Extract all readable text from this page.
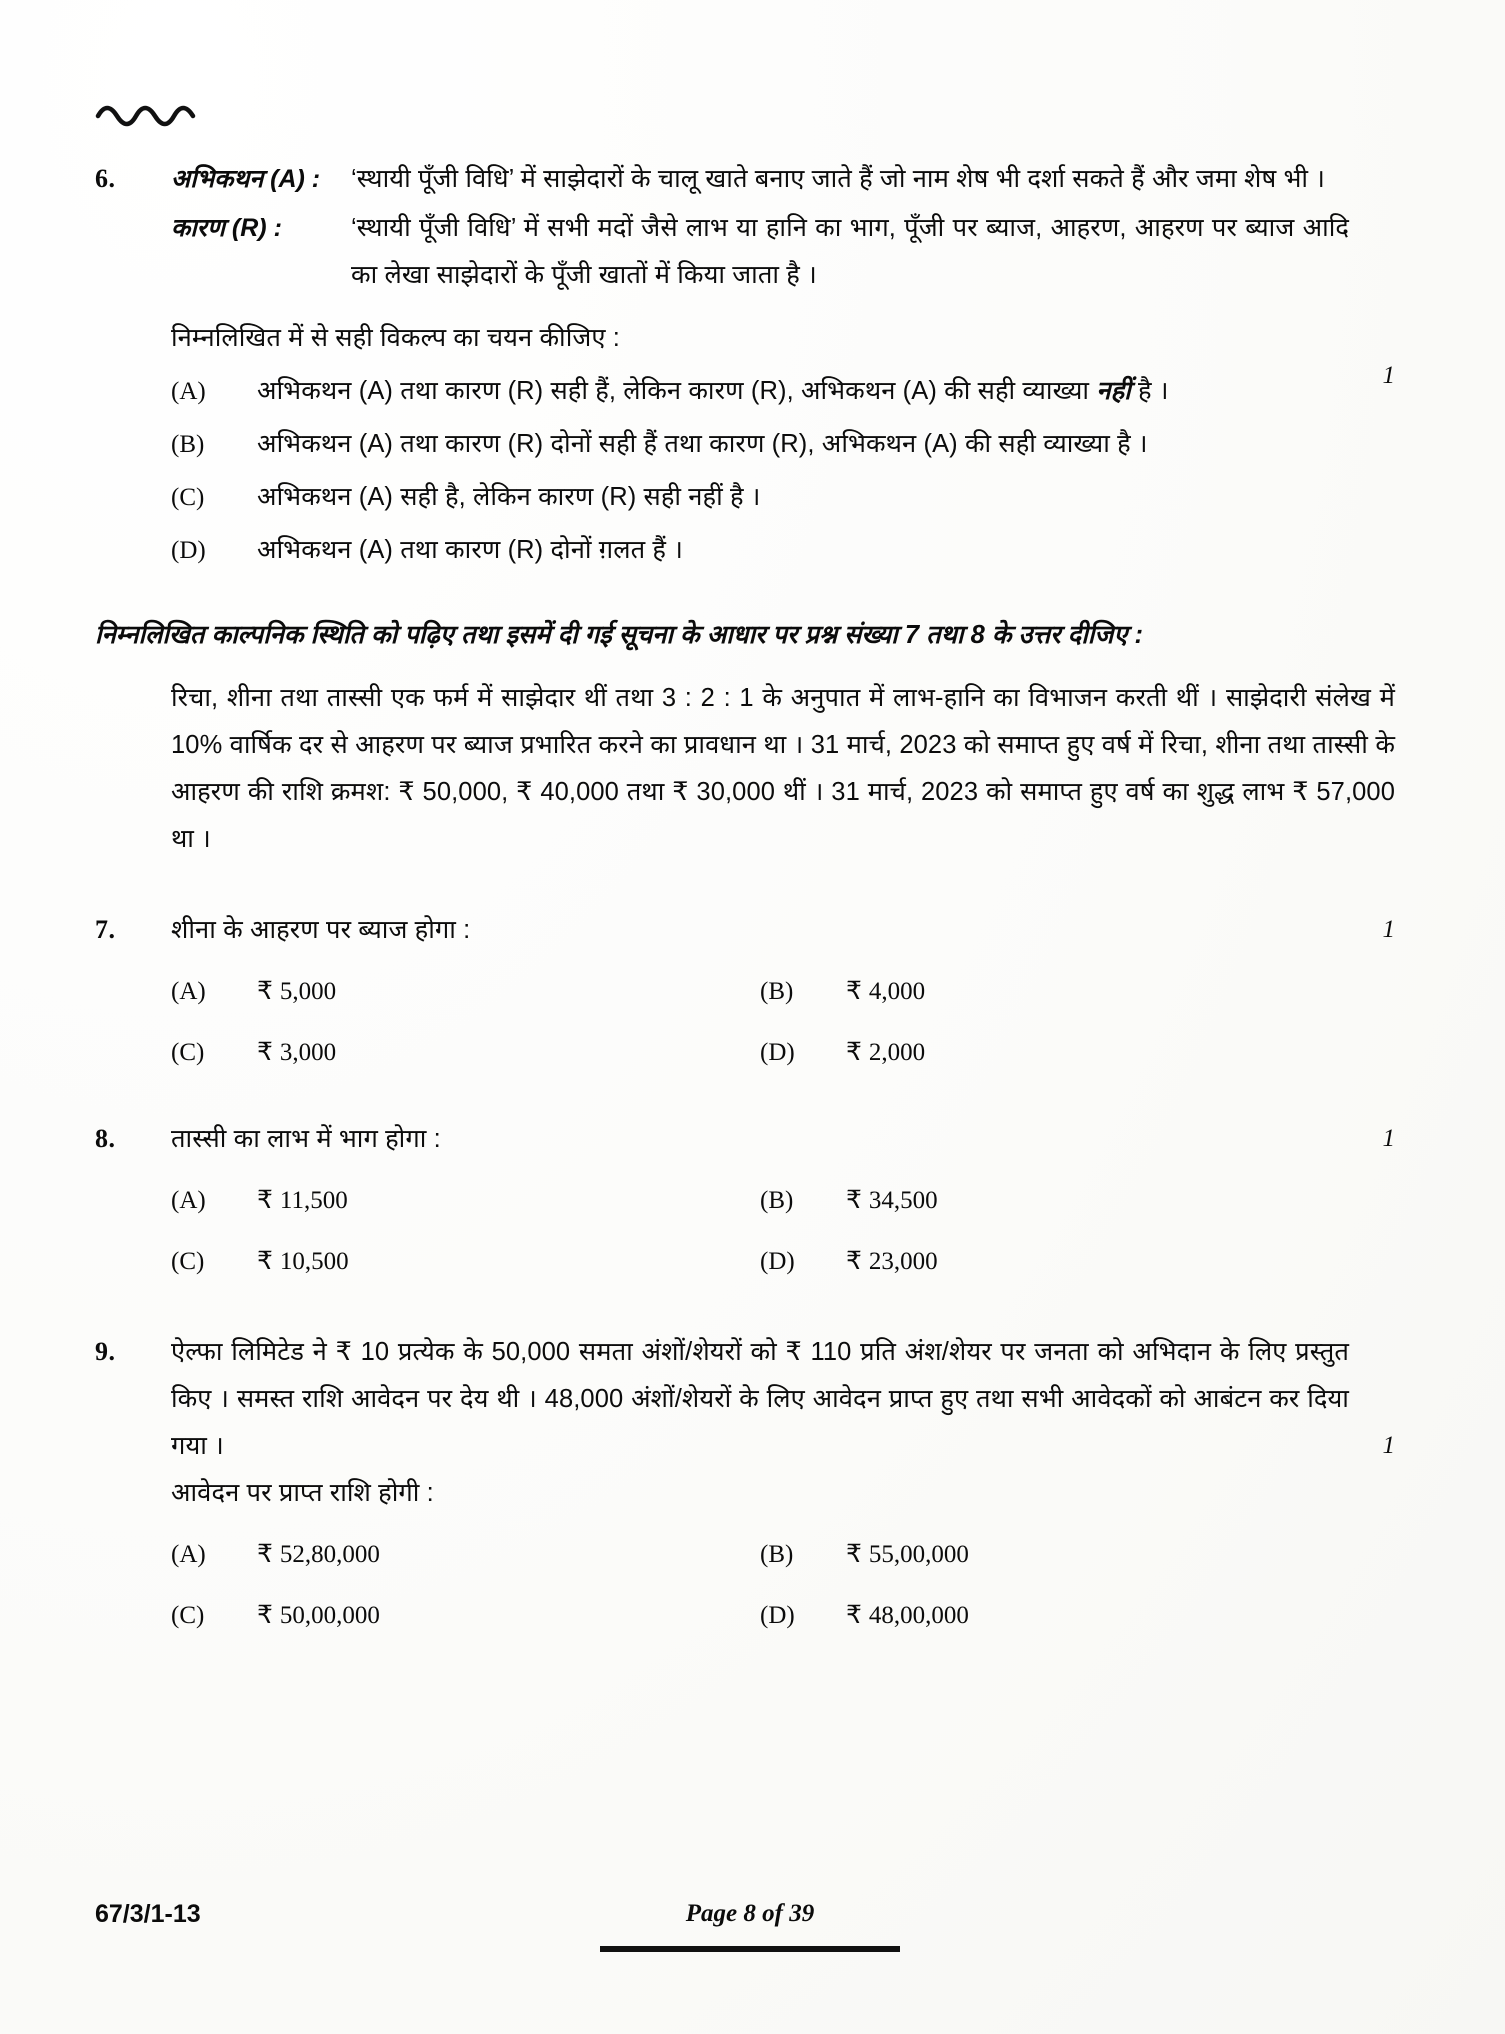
6.	अभिकथन (A) :	‘स्थायी पूँजी विधि’ में साझेदारों के चालू खाते बनाए जाते हैं जो नाम शेष भी दर्शा सकते हैं और जमा शेष भी ।
कारण (R) :	‘स्थायी पूँजी विधि’ में सभी मदों जैसे लाभ या हानि का भाग, पूँजी पर ब्याज, आहरण, आहरण पर ब्याज आदि का लेखा साझेदारों के पूँजी खातों में किया जाता है ।
निम्नलिखित में से सही विकल्प का चयन कीजिए :
(A)	अभिकथन (A) तथा कारण (R) सही हैं, लेकिन कारण (R), अभिकथन (A) की सही व्याख्या नहीं है ।
(B)	अभिकथन (A) तथा कारण (R) दोनों सही हैं तथा कारण (R), अभिकथन (A) की सही व्याख्या है ।
(C)	अभिकथन (A) सही है, लेकिन कारण (R) सही नहीं है ।
(D)	अभिकथन (A) तथा कारण (R) दोनों ग़लत हैं ।
1
निम्नलिखित काल्पनिक स्थिति को पढ़िए तथा इसमें दी गई सूचना के आधार पर प्रश्न संख्या 7 तथा 8 के उत्तर दीजिए :
रिचा, शीना तथा तास्सी एक फर्म में साझेदार थीं तथा 3 : 2 : 1 के अनुपात में लाभ-हानि का विभाजन करती थीं । साझेदारी संलेख में 10% वार्षिक दर से आहरण पर ब्याज प्रभारित करने का प्रावधान था । 31 मार्च, 2023 को समाप्त हुए वर्ष में रिचा, शीना तथा तास्सी के आहरण की राशि क्रमश: ₹ 50,000, ₹ 40,000 तथा ₹ 30,000 थीं । 31 मार्च, 2023 को समाप्त हुए वर्ष का शुद्ध लाभ ₹ 57,000 था ।
7.	शीना के आहरण पर ब्याज होगा :
(A)	₹ 5,000	(B)	₹ 4,000
(C)	₹ 3,000	(D)	₹ 2,000
1
8.	तास्सी का लाभ में भाग होगा :
(A)	₹ 11,500	(B)	₹ 34,500
(C)	₹ 10,500	(D)	₹ 23,000
1
9.	ऐल्फा लिमिटेड ने ₹ 10 प्रत्येक के 50,000 समता अंशों/शेयरों को ₹ 110 प्रति अंश/शेयर पर जनता को अभिदान के लिए प्रस्तुत किए । समस्त राशि आवेदन पर देय थी । 48,000 अंशों/शेयरों के लिए आवेदन प्राप्त हुए तथा सभी आवेदकों को आबंटन कर दिया गया ।
आवेदन पर प्राप्त राशि होगी :
(A)	₹ 52,80,000	(B)	₹ 55,00,000
(C)	₹ 50,00,000	(D)	₹ 48,00,000
1
67/3/1-13	Page 8 of 39
